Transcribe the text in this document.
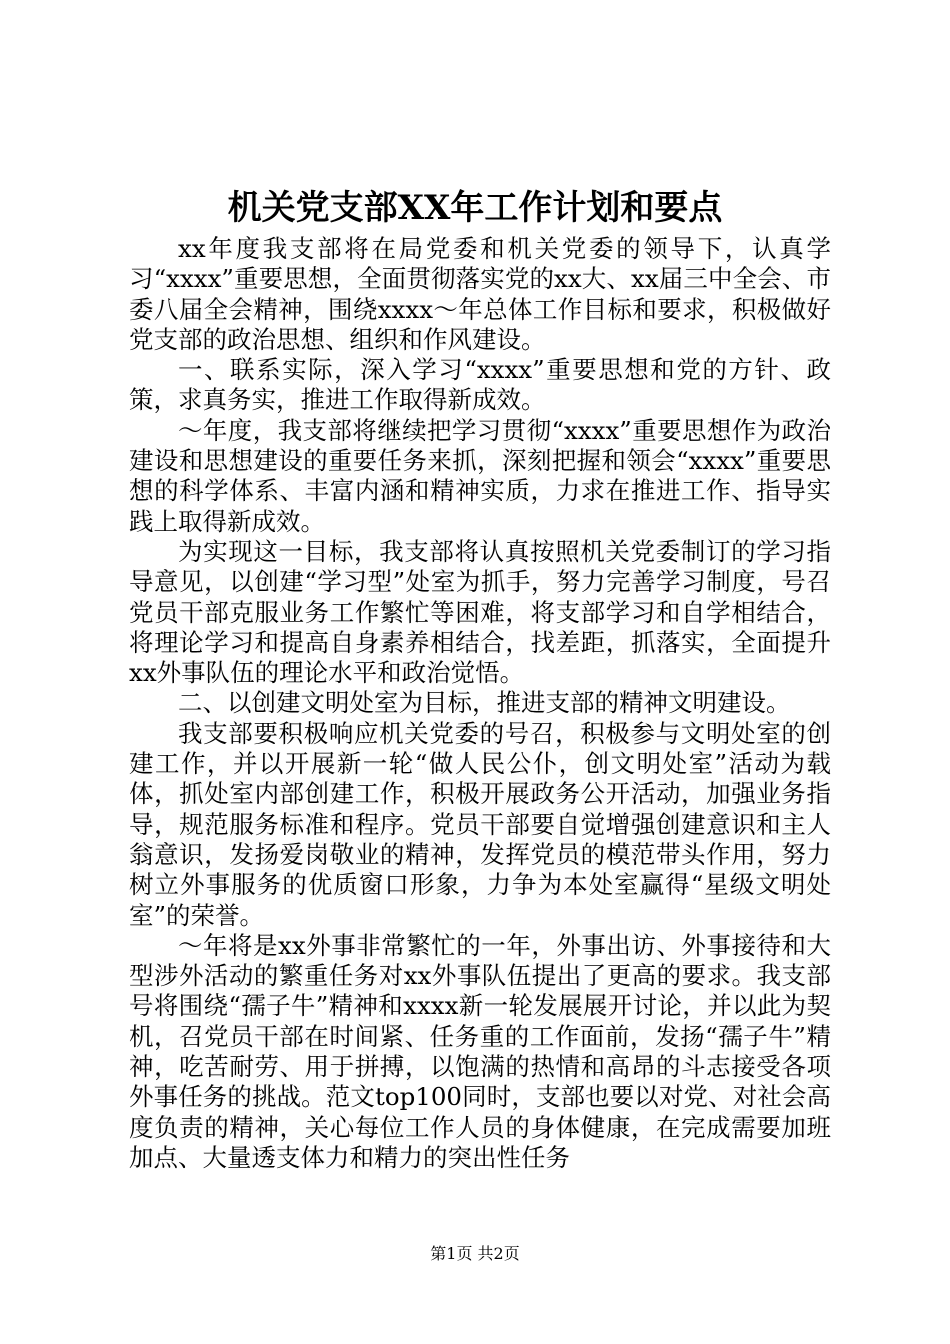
机关党支部XX年工作计划和要点

xx年度我支部将在局党委和机关党委的领导下，认真学习“xxxx”重要思想，全面贯彻落实党的xx大、xx届三中全会、市委八届全会精神，围绕xxxx～年总体工作目标和要求，积极做好党支部的政治思想、组织和作风建设。

一、联系实际，深入学习“xxxx”重要思想和党的方针、政策，求真务实，推进工作取得新成效。

～年度，我支部将继续把学习贯彻“xxxx”重要思想作为政治建设和思想建设的重要任务来抓，深刻把握和领会“xxxx”重要思想的科学体系、丰富内涵和精神实质，力求在推进工作、指导实践上取得新成效。

为实现这一目标，我支部将认真按照机关党委制订的学习指导意见，以创建“学习型”处室为抓手，努力完善学习制度，号召党员干部克服业务工作繁忙等困难，将支部学习和自学相结合，将理论学习和提高自身素养相结合，找差距，抓落实，全面提升xx外事队伍的理论水平和政治觉悟。

二、以创建文明处室为目标，推进支部的精神文明建设。

我支部要积极响应机关党委的号召，积极参与文明处室的创建工作，并以开展新一轮“做人民公仆，创文明处室”活动为载体，抓处室内部创建工作，积极开展政务公开活动，加强业务指导，规范服务标准和程序。党员干部要自觉增强创建意识和主人翁意识，发扬爱岗敬业的精神，发挥党员的模范带头作用，努力树立外事服务的优质窗口形象，力争为本处室赢得“星级文明处室”的荣誉。

～年将是xx外事非常繁忙的一年，外事出访、外事接待和大型涉外活动的繁重任务对xx外事队伍提出了更高的要求。我支部号将围绕“孺子牛”精神和xxxx新一轮发展展开讨论，并以此为契机，召党员干部在时间紧、任务重的工作面前，发扬“孺子牛”精神，吃苦耐劳、用于拼搏，以饱满的热情和高昂的斗志接受各项外事任务的挑战。范文top100同时，支部也要以对党、对社会高度负责的精神，关心每位工作人员的身体健康，在完成需要加班加点、大量透支体力和精力的突出性任务

第1页 共2页
